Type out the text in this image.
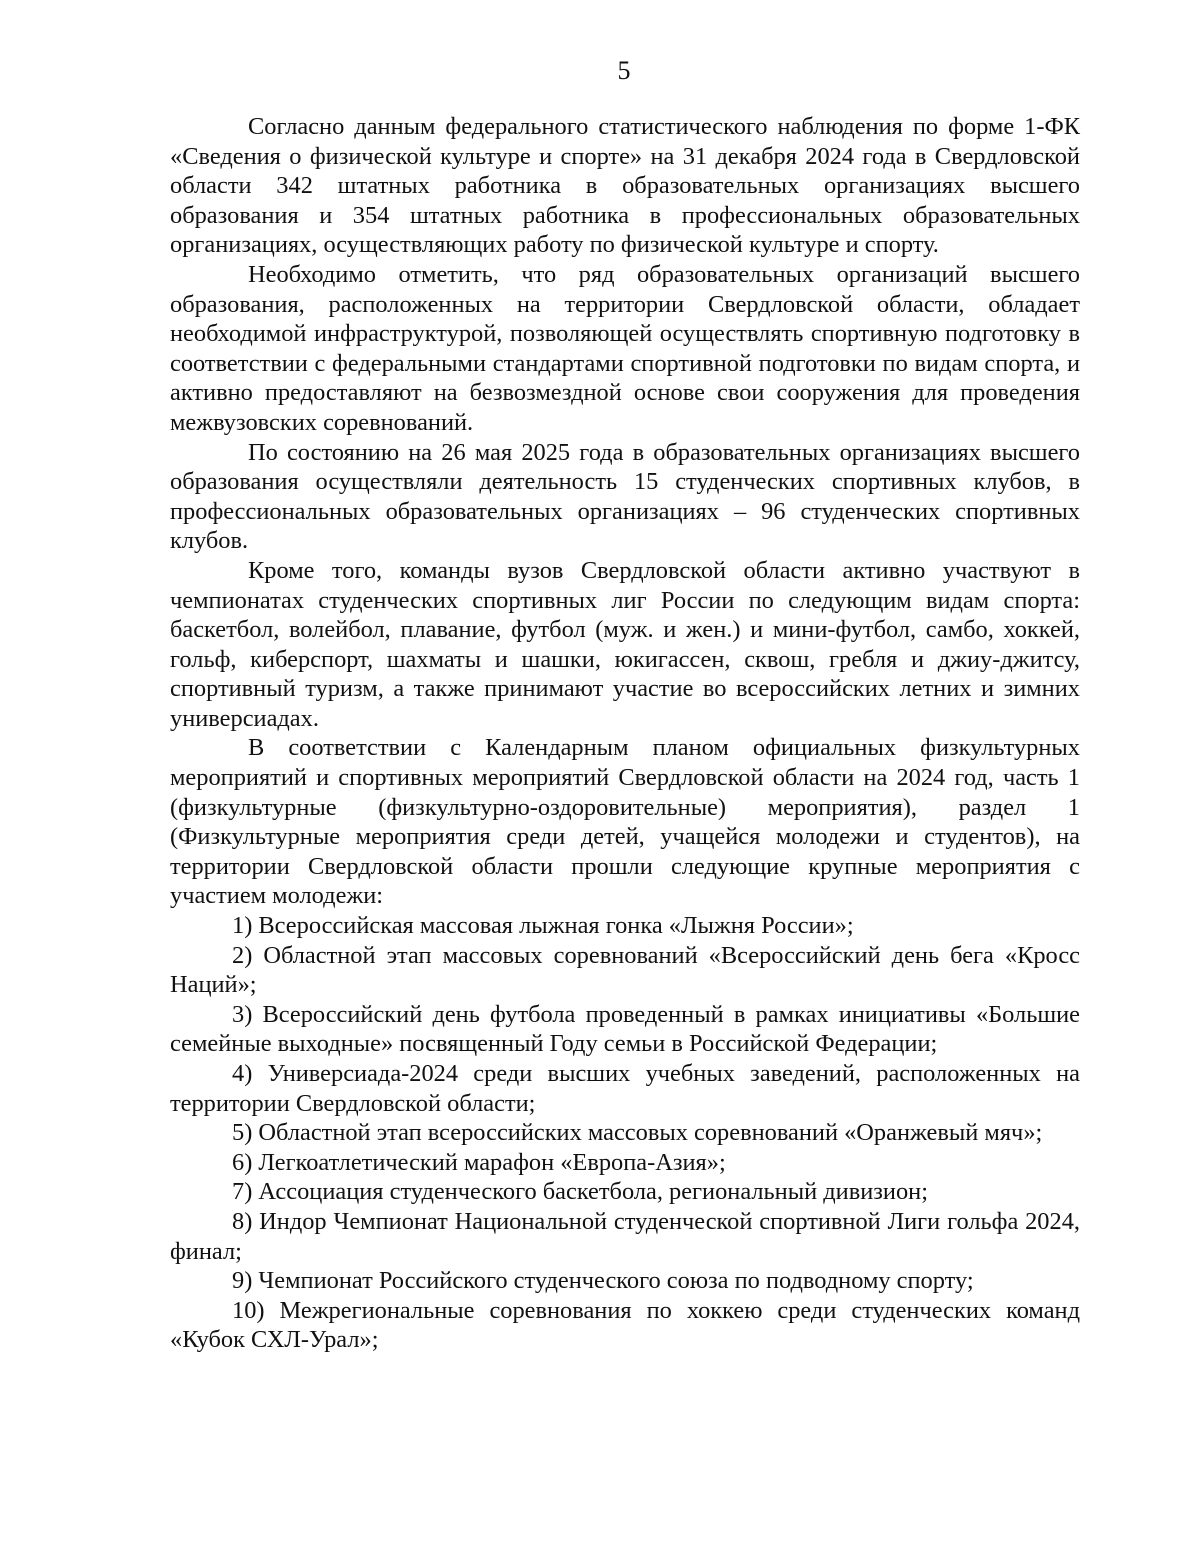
5

Согласно данным федерального статистического наблюдения по форме 1-ФК «Сведения о физической культуре и спорте» на 31 декабря 2024 года в Свердловской области 342 штатных работника в образовательных организациях высшего образования и 354 штатных работника в профессиональных образовательных организациях, осуществляющих работу по физической культуре и спорту.

Необходимо отметить, что ряд образовательных организаций высшего образования, расположенных на территории Свердловской области, обладает необходимой инфраструктурой, позволяющей осуществлять спортивную подготовку в соответствии с федеральными стандартами спортивной подготовки по видам спорта, и активно предоставляют на безвозмездной основе свои сооружения для проведения межвузовских соревнований.

По состоянию на 26 мая 2025 года в образовательных организациях высшего образования осуществляли деятельность 15 студенческих спортивных клубов, в профессиональных образовательных организациях – 96 студенческих спортивных клубов.

Кроме того, команды вузов Свердловской области активно участвуют в чемпионатах студенческих спортивных лиг России по следующим видам спорта: баскетбол, волейбол, плавание, футбол (муж. и жен.) и мини-футбол, самбо, хоккей, гольф, киберспорт, шахматы и шашки, юкигассен, сквош, гребля и джиу-джитсу, спортивный туризм, а также принимают участие во всероссийских летних и зимних универсиадах.

В соответствии с Календарным планом официальных физкультурных мероприятий и спортивных мероприятий Свердловской области на 2024 год, часть 1 (физкультурные (физкультурно-оздоровительные) мероприятия), раздел 1 (Физкультурные мероприятия среди детей, учащейся молодежи и студентов), на территории Свердловской области прошли следующие крупные мероприятия с участием молодежи:

1) Всероссийская массовая лыжная гонка «Лыжня России»;

2) Областной этап массовых соревнований «Всероссийский день бега «Кросс Наций»;

3) Всероссийский день футбола проведенный в рамках инициативы «Большие семейные выходные» посвященный Году семьи в Российской Федерации;

4) Универсиада-2024 среди высших учебных заведений, расположенных на территории Свердловской области;

5) Областной этап всероссийских массовых соревнований «Оранжевый мяч»;

6) Легкоатлетический марафон «Европа-Азия»;

7) Ассоциация студенческого баскетбола, региональный дивизион;

8) Индор Чемпионат Национальной студенческой спортивной Лиги гольфа 2024, финал;

9) Чемпионат Российского студенческого союза по подводному спорту;

10) Межрегиональные соревнования по хоккею среди студенческих команд «Кубок СХЛ-Урал»;
